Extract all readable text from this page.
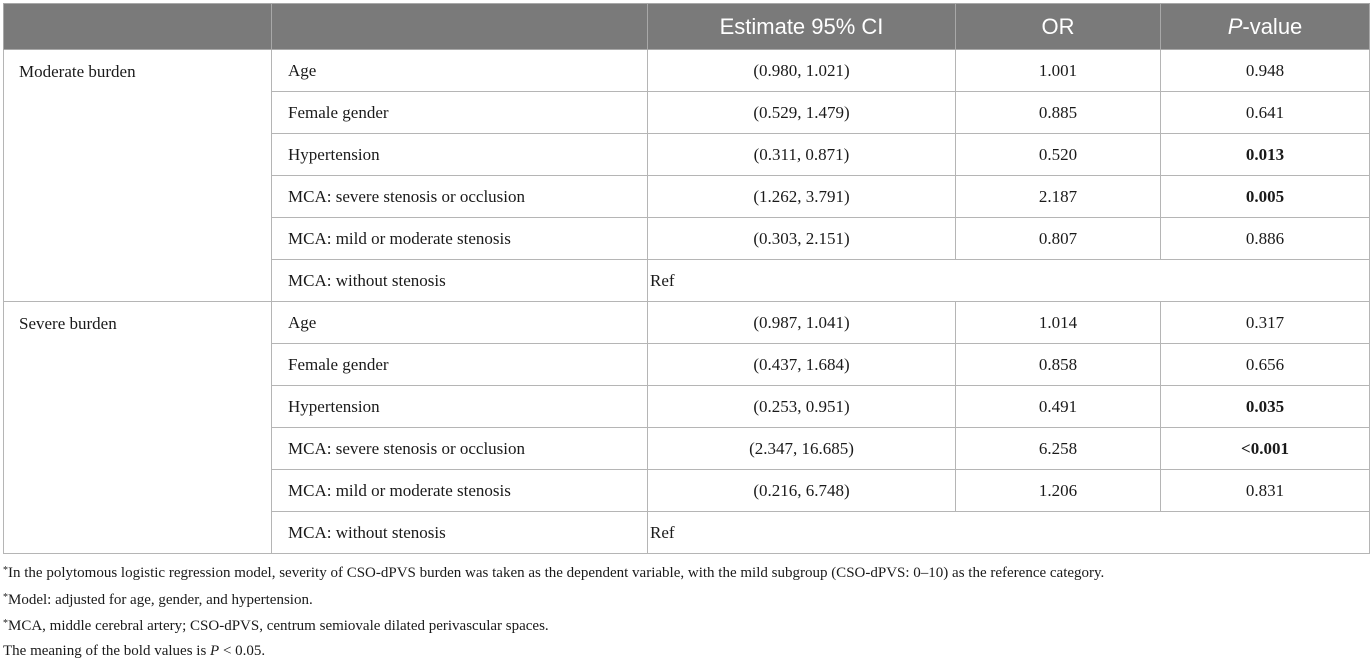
		Estimate 95% CI	OR	P-value
Moderate burden	Age	(0.980, 1.021)	1.001	0.948
	Female gender	(0.529, 1.479)	0.885	0.641
	Hypertension	(0.311, 0.871)	0.520	0.013
	MCA: severe stenosis or occlusion	(1.262, 3.791)	2.187	0.005
	MCA: mild or moderate stenosis	(0.303, 2.151)	0.807	0.886
	MCA: without stenosis	Ref		
Severe burden	Age	(0.987, 1.041)	1.014	0.317
	Female gender	(0.437, 1.684)	0.858	0.656
	Hypertension	(0.253, 0.951)	0.491	0.035
	MCA: severe stenosis or occlusion	(2.347, 16.685)	6.258	<0.001
	MCA: mild or moderate stenosis	(0.216, 6.748)	1.206	0.831
	MCA: without stenosis	Ref		
*In the polytomous logistic regression model, severity of CSO-dPVS burden was taken as the dependent variable, with the mild subgroup (CSO-dPVS: 0–10) as the reference category.
*Model: adjusted for age, gender, and hypertension.
*MCA, middle cerebral artery; CSO-dPVS, centrum semiovale dilated perivascular spaces.
The meaning of the bold values is P < 0.05.
